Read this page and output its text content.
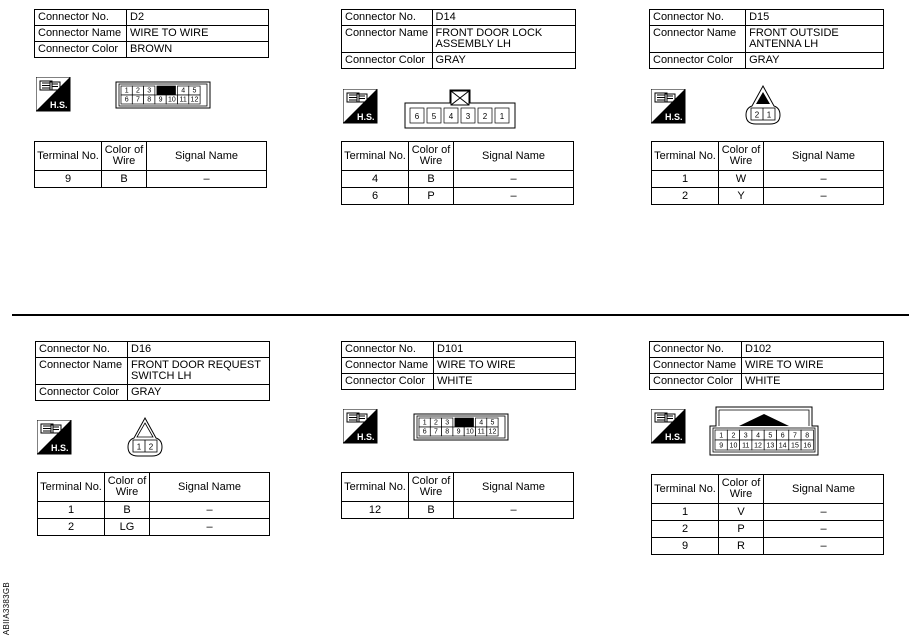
Connector No.	D2
Connector Name	WIRE TO WIRE
Connector Color	BROWN
H.S.
1 2 3	4 5
6 7 8 9 10 11 12
Terminal No.	Color of Wire	Signal Name
9	B	–
Connector No.	D14
Connector Name	FRONT DOOR LOCK ASSEMBLY LH
Connector Color	GRAY
H.S.	6 5 4 3 2 1
Terminal No.	Color of Wire	Signal Name
4	B	–
6	P	–
Connector No.	D15
Connector Name	FRONT OUTSIDE ANTENNA LH
Connector Color	GRAY
H.S.	2 1
Terminal No.	Color of Wire	Signal Name
1	W	–
2	Y	–
Connector No.	D16
Connector Name	FRONT DOOR REQUEST SWITCH LH
Connector Color	GRAY
H.S.	1 2
Terminal No.	Color of Wire	Signal Name
1	B	–
2	LG	–
Connector No.	D101
Connector Name	WIRE TO WIRE
Connector Color	WHITE
H.S.
1 2 3	4 5
6 7 8 9 10 11 12
Terminal No.	Color of Wire	Signal Name
12	B	–
Connector No.	D102
Connector Name	WIRE TO WIRE
Connector Color	WHITE
H.S.	1 2 3 4 5 6 7 8
9 10 11 12 13 14 15 16
Terminal No.	Color of Wire	Signal Name
1	V	–
2	P	–
9	R	–
ABIIA3383GB
